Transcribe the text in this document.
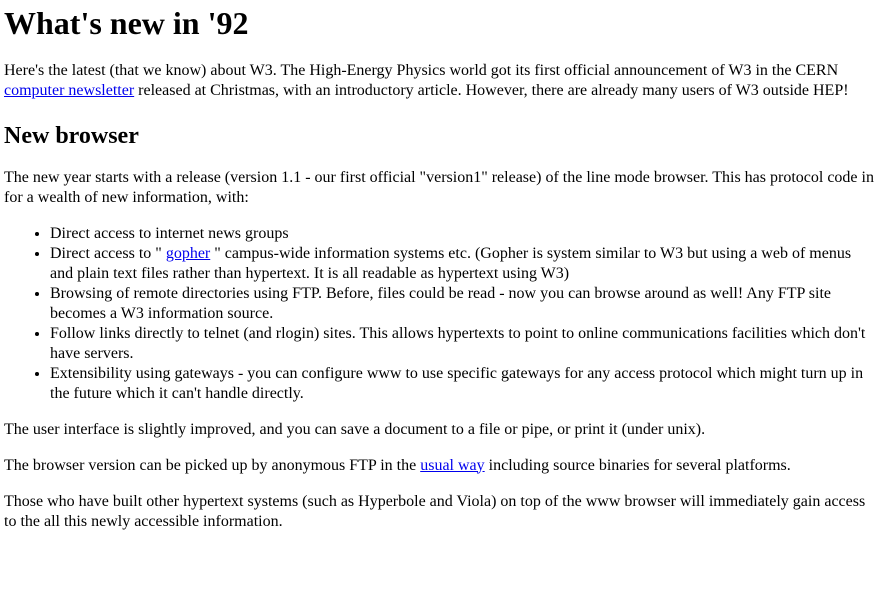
What's new in '92

Here's the latest (that we know) about W3. The High-Energy Physics world got its first official announcement of W3 in the CERN computer newsletter released at Christmas, with an introductory article. However, there are already many users of W3 outside HEP!

New browser

The new year starts with a release (version 1.1 - our first official "version1" release) of the line mode browser. This has protocol code in for a wealth of new information, with:

• Direct access to internet news groups
• Direct access to " gopher " campus-wide information systems etc. (Gopher is system similar to W3 but using a web of menus and plain text files rather than hypertext. It is all readable as hypertext using W3)
• Browsing of remote directories using FTP. Before, files could be read - now you can browse around as well! Any FTP site becomes a W3 information source.
• Follow links directly to telnet (and rlogin) sites. This allows hypertexts to point to online communications facilities which don't have servers.
• Extensibility using gateways - you can configure www to use specific gateways for any access protocol which might turn up in the future which it can't handle directly.

The user interface is slightly improved, and you can save a document to a file or pipe, or print it (under unix).

The browser version can be picked up by anonymous FTP in the usual way including source binaries for several platforms.

Those who have built other hypertext systems (such as Hyperbole and Viola) on top of the www browser will immediately gain access to the all this newly accessible information.
